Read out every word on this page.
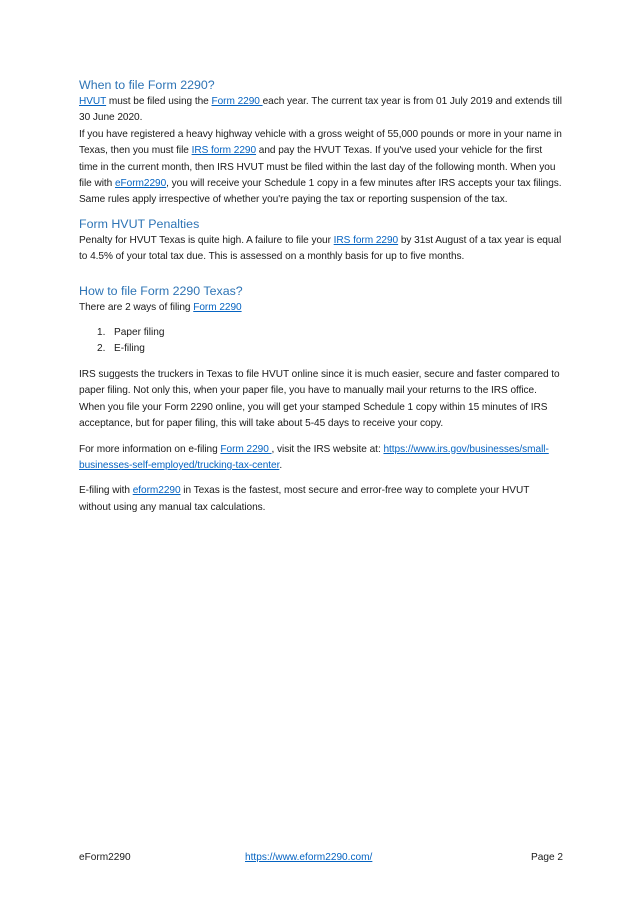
When to file Form 2290?

HVUT must be filed using the Form 2290 each year. The current tax year is from 01 July 2019 and extends till 30 June 2020.

If you have registered a heavy highway vehicle with a gross weight of 55,000 pounds or more in your name in Texas, then you must file IRS form 2290 and pay the HVUT Texas. If you've used your vehicle for the first time in the current month, then IRS HVUT must be filed within the last day of the following month. When you file with eForm2290, you will receive your Schedule 1 copy in a few minutes after IRS accepts your tax filings. Same rules apply irrespective of whether you're paying the tax or reporting suspension of the tax.

Form HVUT Penalties

Penalty for HVUT Texas is quite high. A failure to file your IRS form 2290 by 31st August of a tax year is equal to 4.5% of your total tax due. This is assessed on a monthly basis for up to five months.

How to file Form 2290 Texas?

There are 2 ways of filing Form 2290

1. Paper filing
2. E-filing

IRS suggests the truckers in Texas to file HVUT online since it is much easier, secure and faster compared to paper filing. Not only this, when your paper file, you have to manually mail your returns to the IRS office. When you file your Form 2290 online, you will get your stamped Schedule 1 copy within 15 minutes of IRS acceptance, but for paper filing, this will take about 5-45 days to receive your copy.

For more information on e-filing Form 2290 , visit the IRS website at: https://www.irs.gov/businesses/small-businesses-self-employed/trucking-tax-center.

E-filing with eform2290 in Texas is the fastest, most secure and error-free way to complete your HVUT without using any manual tax calculations.

eForm2290	https://www.eform2290.com/	Page 2
